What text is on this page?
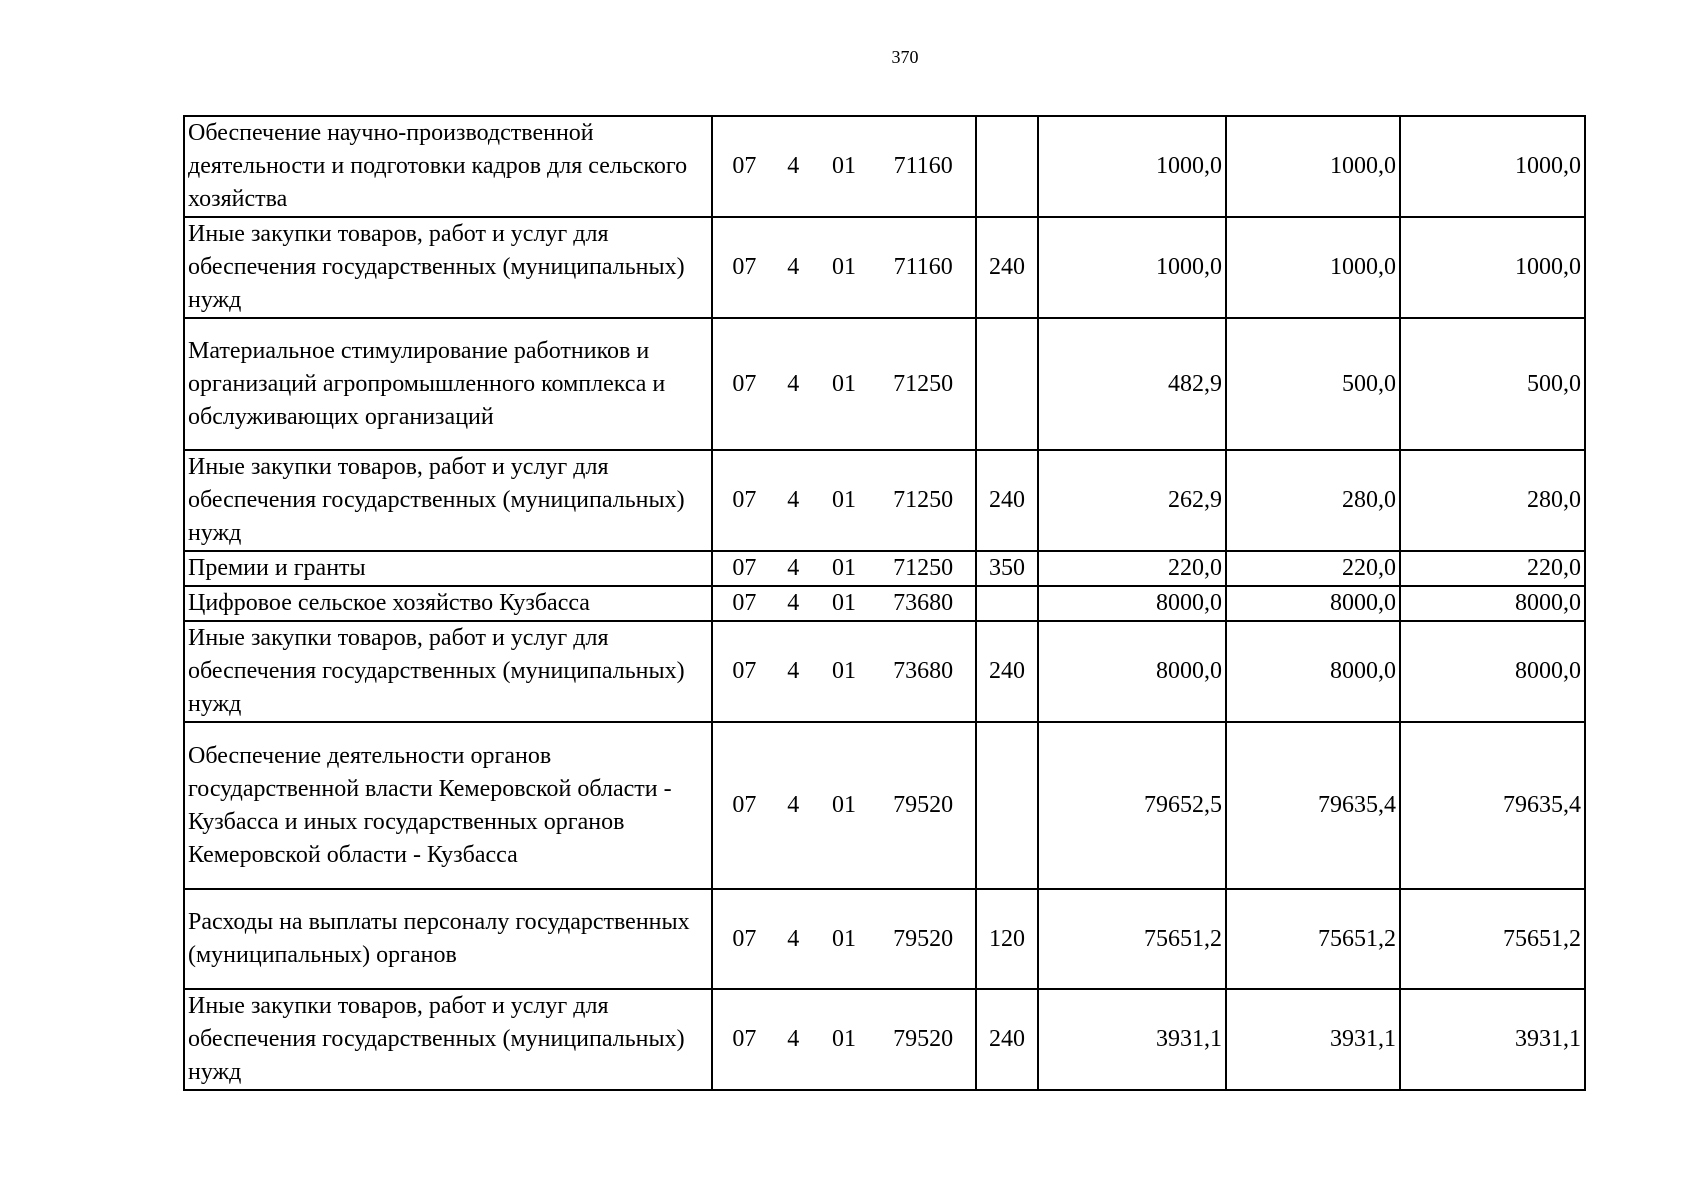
370
Обеспечение научно-производственной деятельности и подготовки кадров для сельского хозяйства	07 4 01 71160		1000,0	1000,0	1000,0
Иные закупки товаров, работ и услуг для обеспечения государственных (муниципальных) нужд	07 4 01 71160	240	1000,0	1000,0	1000,0
Материальное стимулирование работников и организаций агропромышленного комплекса и обслуживающих организаций	07 4 01 71250		482,9	500,0	500,0
Иные закупки товаров, работ и услуг для обеспечения государственных (муниципальных) нужд	07 4 01 71250	240	262,9	280,0	280,0
Премии и гранты	07 4 01 71250	350	220,0	220,0	220,0
Цифровое сельское хозяйство Кузбасса	07 4 01 73680		8000,0	8000,0	8000,0
Иные закупки товаров, работ и услуг для обеспечения государственных (муниципальных) нужд	07 4 01 73680	240	8000,0	8000,0	8000,0
Обеспечение деятельности органов государственной власти Кемеровской области - Кузбасса и иных государственных органов Кемеровской области - Кузбасса	07 4 01 79520		79652,5	79635,4	79635,4
Расходы на выплаты персоналу государственных (муниципальных) органов	07 4 01 79520	120	75651,2	75651,2	75651,2
Иные закупки товаров, работ и услуг для обеспечения государственных (муниципальных) нужд	07 4 01 79520	240	3931,1	3931,1	3931,1
